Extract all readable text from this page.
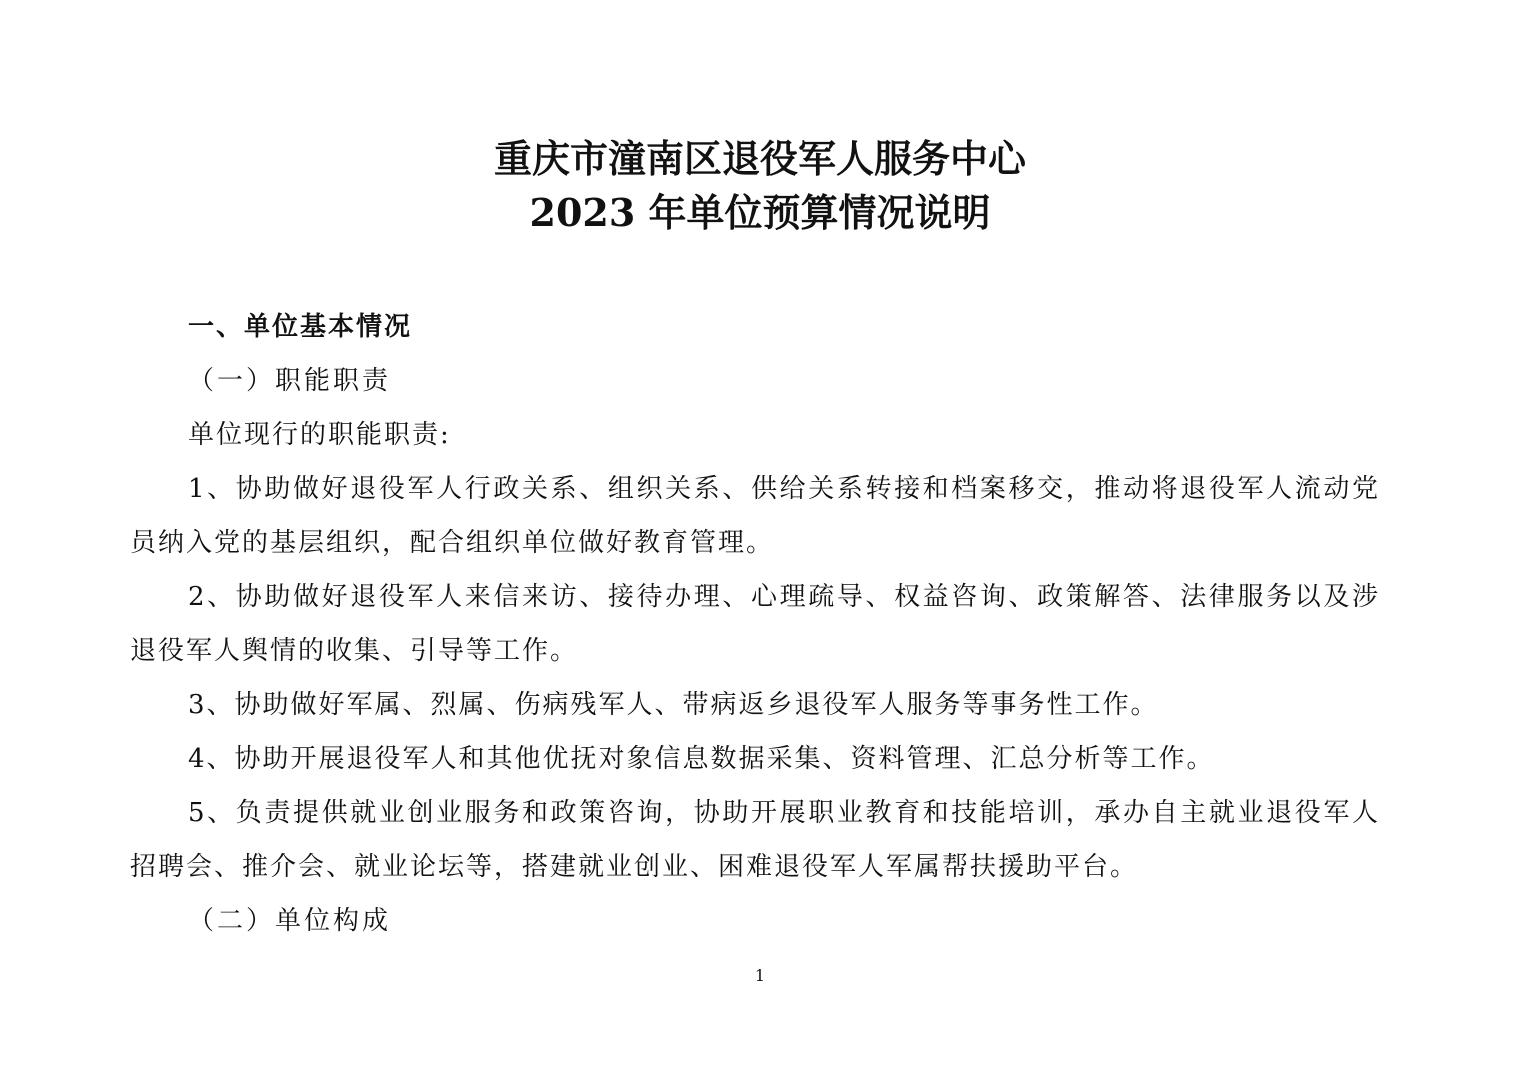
重庆市潼南区退役军人服务中心
2023 年单位预算情况说明

一、单位基本情况

（一）职能职责

单位现行的职能职责:

1、协助做好退役军人行政关系、组织关系、供给关系转接和档案移交，推动将退役军人流动党员纳入党的基层组织，配合组织单位做好教育管理。

2、协助做好退役军人来信来访、接待办理、心理疏导、权益咨询、政策解答、法律服务以及涉退役军人舆情的收集、引导等工作。

3、协助做好军属、烈属、伤病残军人、带病返乡退役军人服务等事务性工作。

4、协助开展退役军人和其他优抚对象信息数据采集、资料管理、汇总分析等工作。

5、负责提供就业创业服务和政策咨询，协助开展职业教育和技能培训，承办自主就业退役军人招聘会、推介会、就业论坛等，搭建就业创业、困难退役军人军属帮扶援助平台。

（二）单位构成

1
